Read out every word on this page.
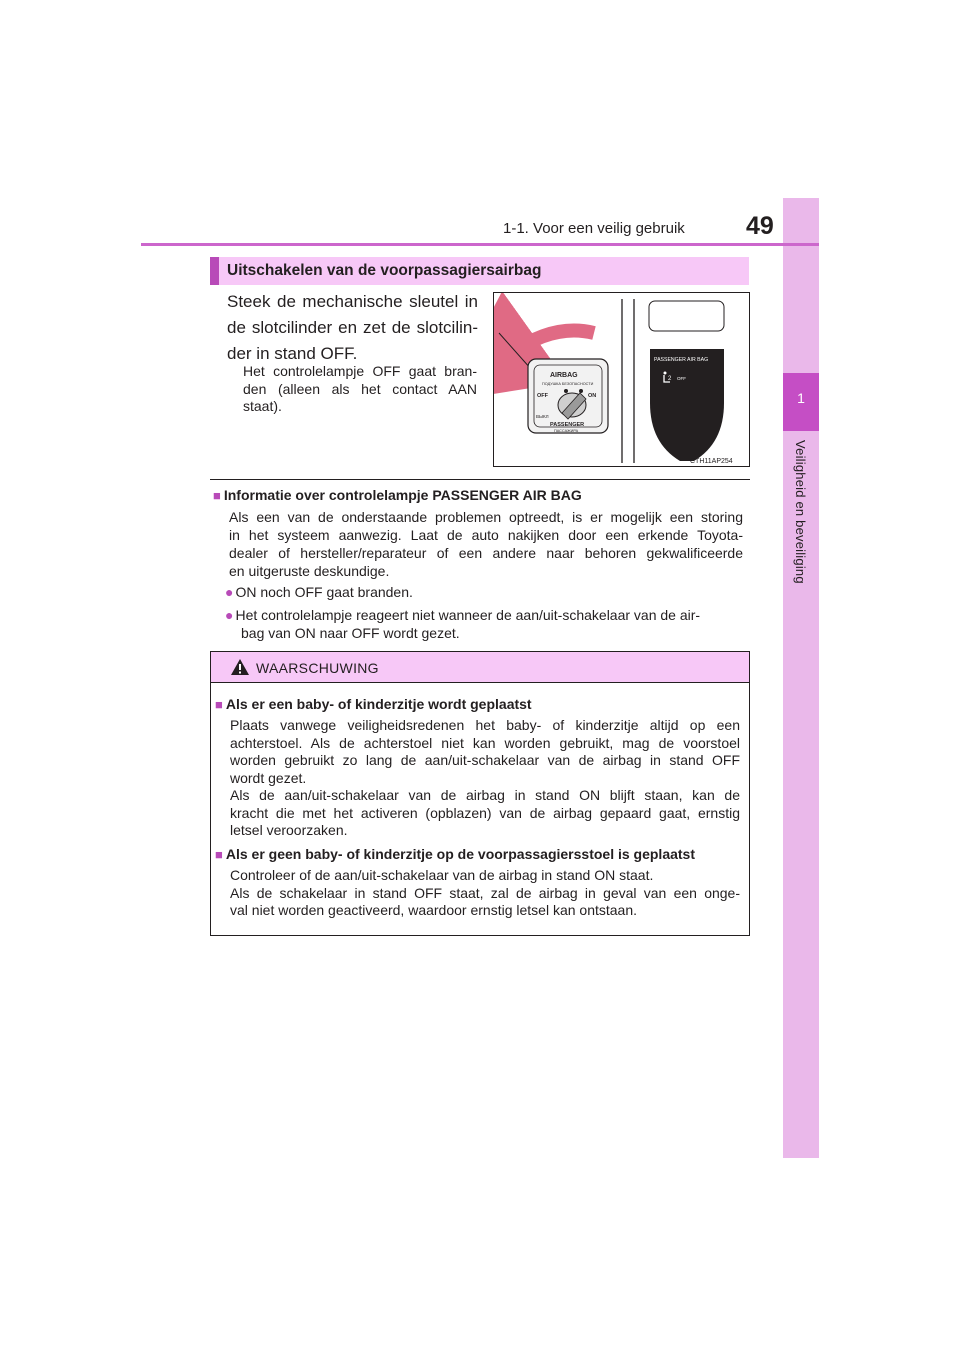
1
Veiligheid en beveiliging
1-1. Voor een veilig gebruik 49
Uitschakelen van de voorpassagiersairbag
Steek de mechanische sleutel in
de slotcilinder en zet de slotcilin-
der in stand OFF.
Het controlelampje OFF gaat bran-
den (alleen als het contact AAN
staat).
AIRBAG
ПОДУШКА БЕЗОПАСНОСТИ
OFF	ON
ВЫКЛ
PASSENGER
ПАССАЖИРА
PASSENGER AIR BAG
OFF
2
CTH11AP254
■ Informatie over controlelampje PASSENGER AIR BAG
Als een van de onderstaande problemen optreedt, is er mogelijk een storing
in het systeem aanwezig. Laat de auto nakijken door een erkende Toyota-
dealer of hersteller/reparateur of een andere naar behoren gekwalificeerde
en uitgeruste deskundige.
● ON noch OFF gaat branden.
● Het controlelampje reageert niet wanneer de aan/uit-schakelaar van de air-
bag van ON naar OFF wordt gezet.
WAARSCHUWING
■ Als er een baby- of kinderzitje wordt geplaatst
Plaats vanwege veiligheidsredenen het baby- of kinderzitje altijd op een
achterstoel. Als de achterstoel niet kan worden gebruikt, mag de voorstoel
worden gebruikt zo lang de aan/uit-schakelaar van de airbag in stand OFF
wordt gezet.
Als de aan/uit-schakelaar van de airbag in stand ON blijft staan, kan de
kracht die met het activeren (opblazen) van de airbag gepaard gaat, ernstig
letsel veroorzaken.
■ Als er geen baby- of kinderzitje op de voorpassagiersstoel is geplaatst
Controleer of de aan/uit-schakelaar van de airbag in stand ON staat.
Als de schakelaar in stand OFF staat, zal de airbag in geval van een onge-
val niet worden geactiveerd, waardoor ernstig letsel kan ontstaan.
